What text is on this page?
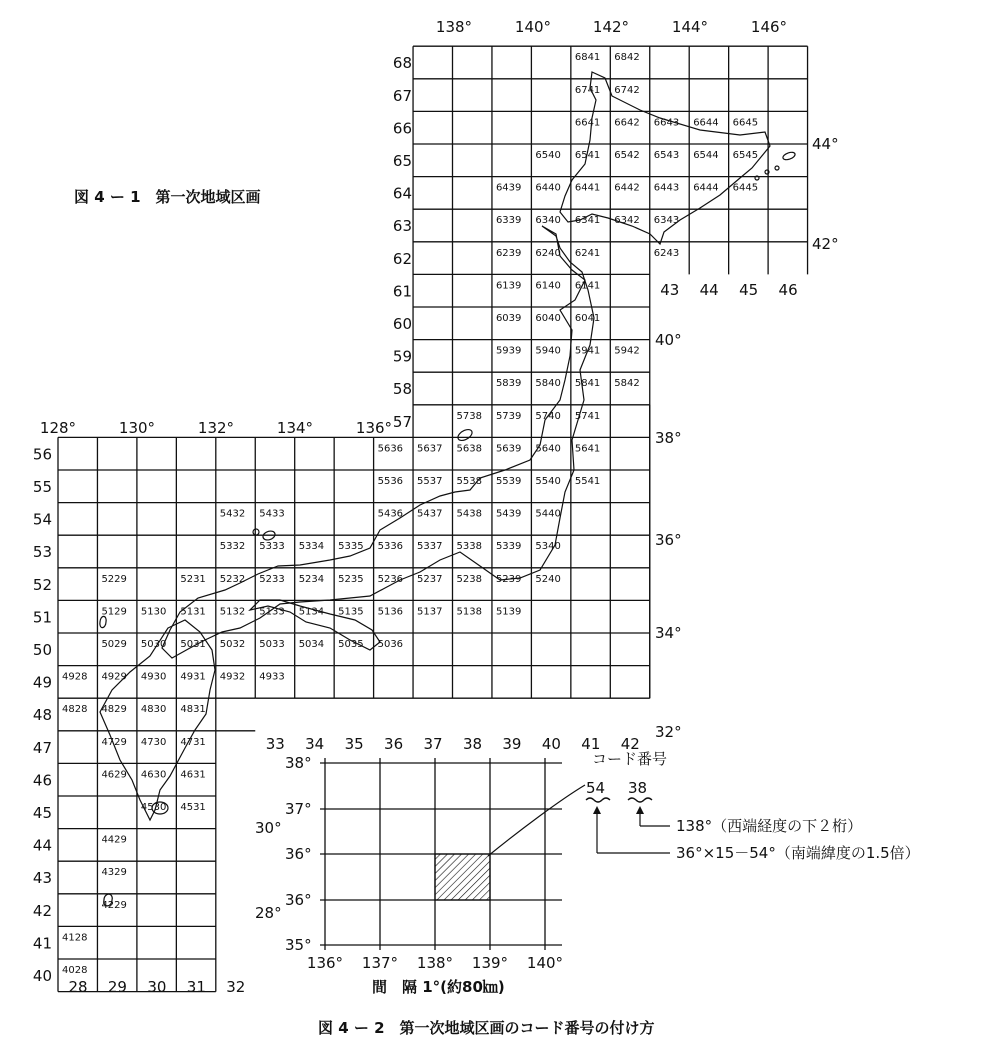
6841 6842
6741 6742
6641 6642 6643 6644 6645
6540 6541 6542 6543 6544 6545
6439 6440 6441 6442 6443 6444 6445
6339 6340 6341 6342 6343
6239 6240 6241	6243
6139 6140 6141
6039 6040 6041
5939 5940 5941 5942
5839 5840 5841 5842
5738 5739 5740 5741
5636 5637 5638 5639 5640 5641
5536 5537 5538 5539 5540 5541
5432 5433	5436 5437 5438 5439 5440
5332 5333 5334 5335 5336 5337 5338 5339 5340
5229	5231 5232 5233 5234 5235 5236 5237 5238 5239 5240
5129 5130 5131 5132 5133 5134 5135 5136 5137 5138 5139
5029 5030 5031 5032 5033 5034 5035 5036
4928 4929 4930 4931 4932 4933
4828 4829 4830 4831
4729 4730 4731
4629 4630 4631
4530 4531
4429
4329
4229
4128
4028
図 4 ー 1　第一次地域区画
図 4 ー 2　第一次地域区画のコード番号の付け方
138°	140°	142°	144°	146°
128°	130°	132°	134°	136°
44°
42°
40°
38°
36°
34°
32°
30°
28°
68
67
66
65
64
63
62
61
60
59
58
57
56
55
54
53
52
51
50
49
48
47
46
45
44
43
42
41
40
43 44 45 46
33 34 35 36 37 38 39 40 41 42
28 29 30 31 32
38°
37°
36°
36°
35°
136° 137° 138° 139° 140°
間　隔 1°(約80㎞)
コード番号
54 38
138°（西端経度の下２桁）
36°×15－54°（南端緯度の1.5倍）
